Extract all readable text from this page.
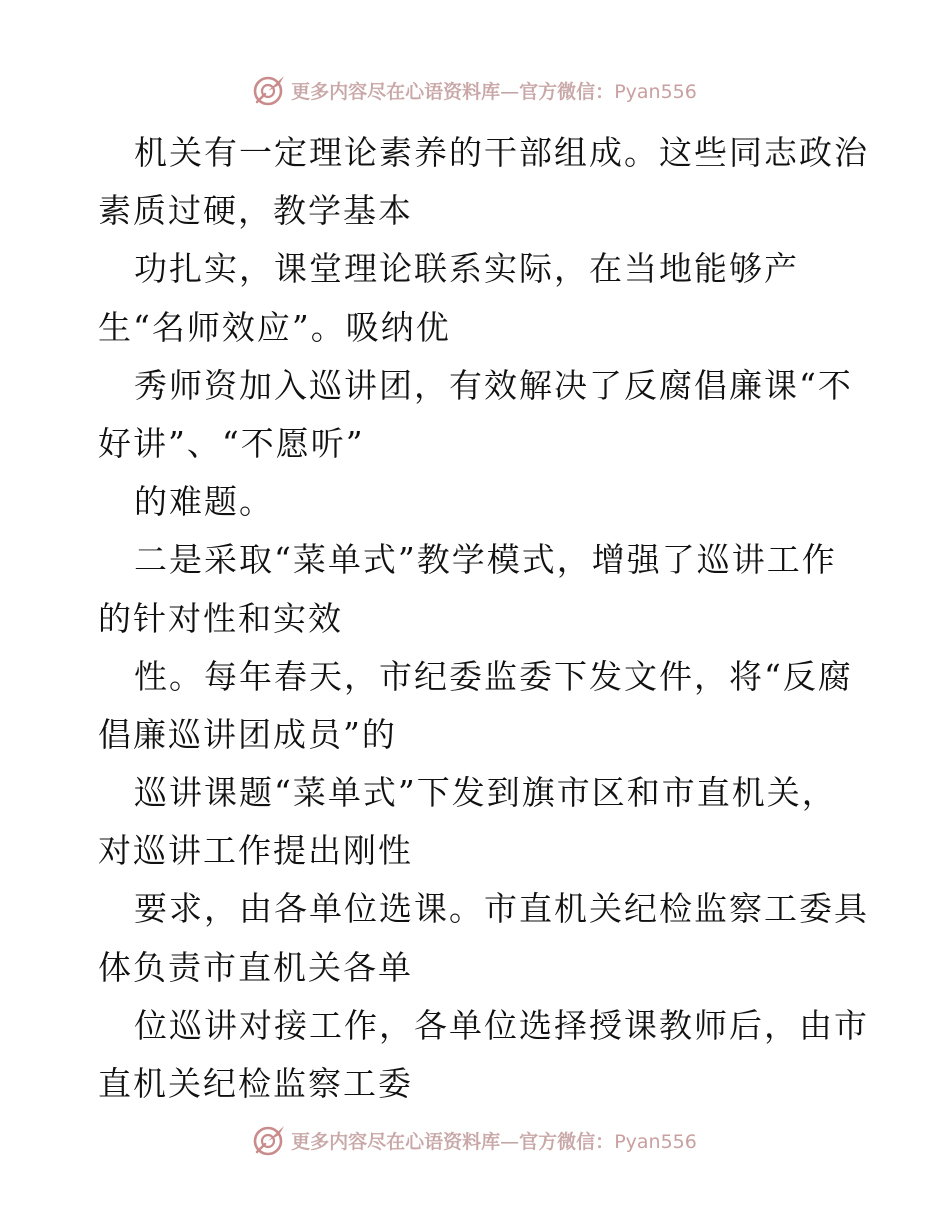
更多内容尽在心语资料库—官方微信：Pyan556
机关有一定理论素养的干部组成。这些同志政治
素质过硬，教学基本
功扎实，课堂理论联系实际，在当地能够产
生“名师效应”。吸纳优
秀师资加入巡讲团，有效解决了反腐倡廉课“不
好讲”、“不愿听”
的难题。
二是采取“菜单式”教学模式，增强了巡讲工作
的针对性和实效
性。每年春天，市纪委监委下发文件，将“反腐
倡廉巡讲团成员”的
巡讲课题“菜单式”下发到旗市区和市直机关，
对巡讲工作提出刚性
要求，由各单位选课。市直机关纪检监察工委具
体负责市直机关各单
位巡讲对接工作，各单位选择授课教师后，由市
直机关纪检监察工委
更多内容尽在心语资料库—官方微信：Pyan556
